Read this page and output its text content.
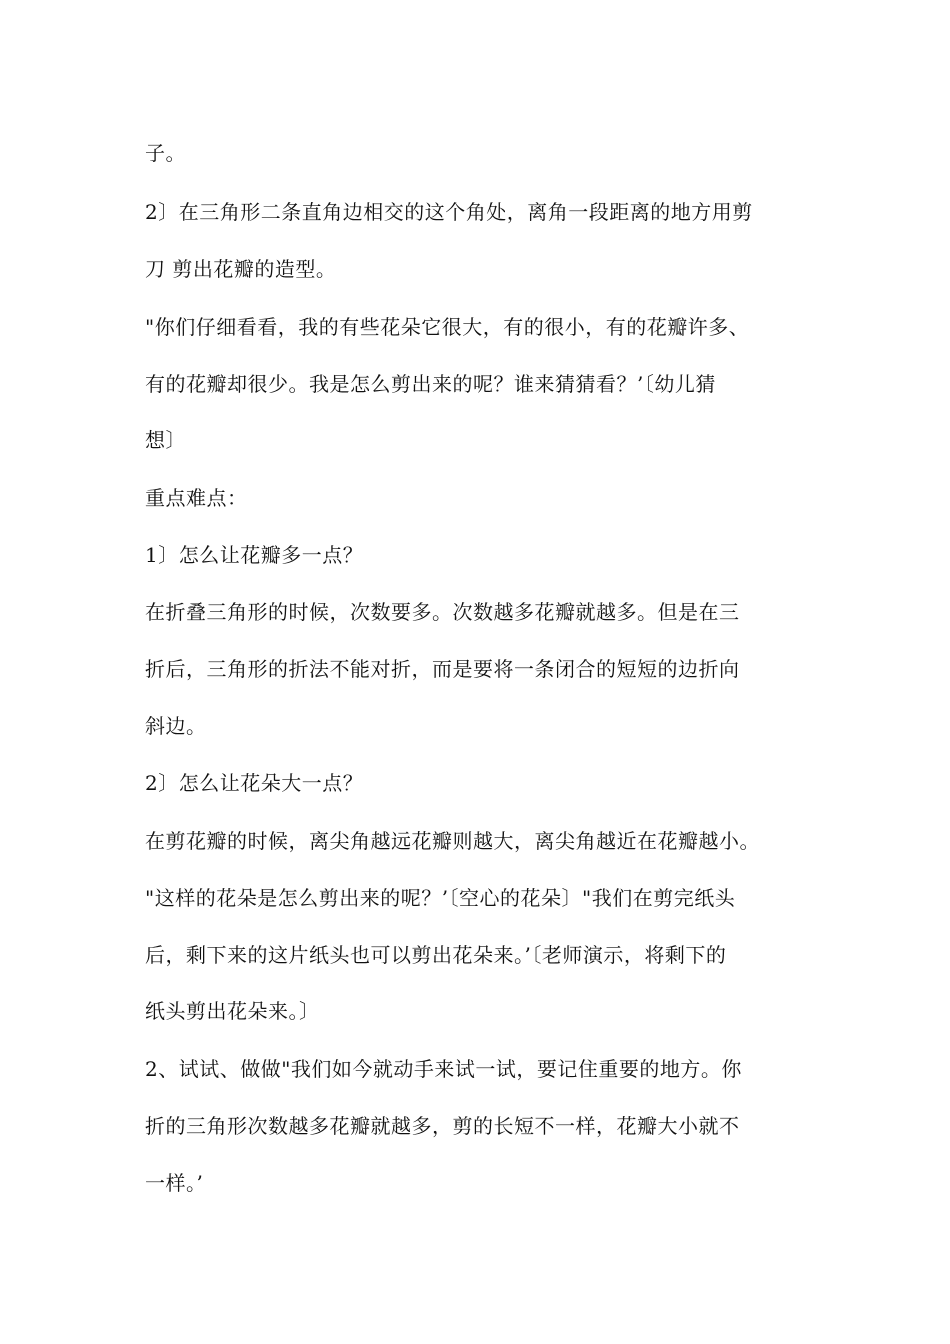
子。
2〕在三角形二条直角边相交的这个角处，离角一段距离的地方用剪
刀 剪出花瓣的造型。
"你们仔细看看，我的有些花朵它很大，有的很小，有的花瓣许多、
有的花瓣却很少。我是怎么剪出来的呢？谁来猜猜看？’〔幼儿猜
想〕
重点难点：
1〕怎么让花瓣多一点？
在折叠三角形的时候，次数要多。次数越多花瓣就越多。但是在三
折后，三角形的折法不能对折，而是要将一条闭合的短短的边折向
斜边。
2〕怎么让花朵大一点？
在剪花瓣的时候，离尖角越远花瓣则越大，离尖角越近在花瓣越小。
"这样的花朵是怎么剪出来的呢？’〔空心的花朵〕"我们在剪完纸头
后，剩下来的这片纸头也可以剪出花朵来。’〔老师演示，将剩下的
纸头剪出花朵来。〕
2、试试、做做"我们如今就动手来试一试，要记住重要的地方。你
折的三角形次数越多花瓣就越多，剪的长短不一样，花瓣大小就不
一样。’
